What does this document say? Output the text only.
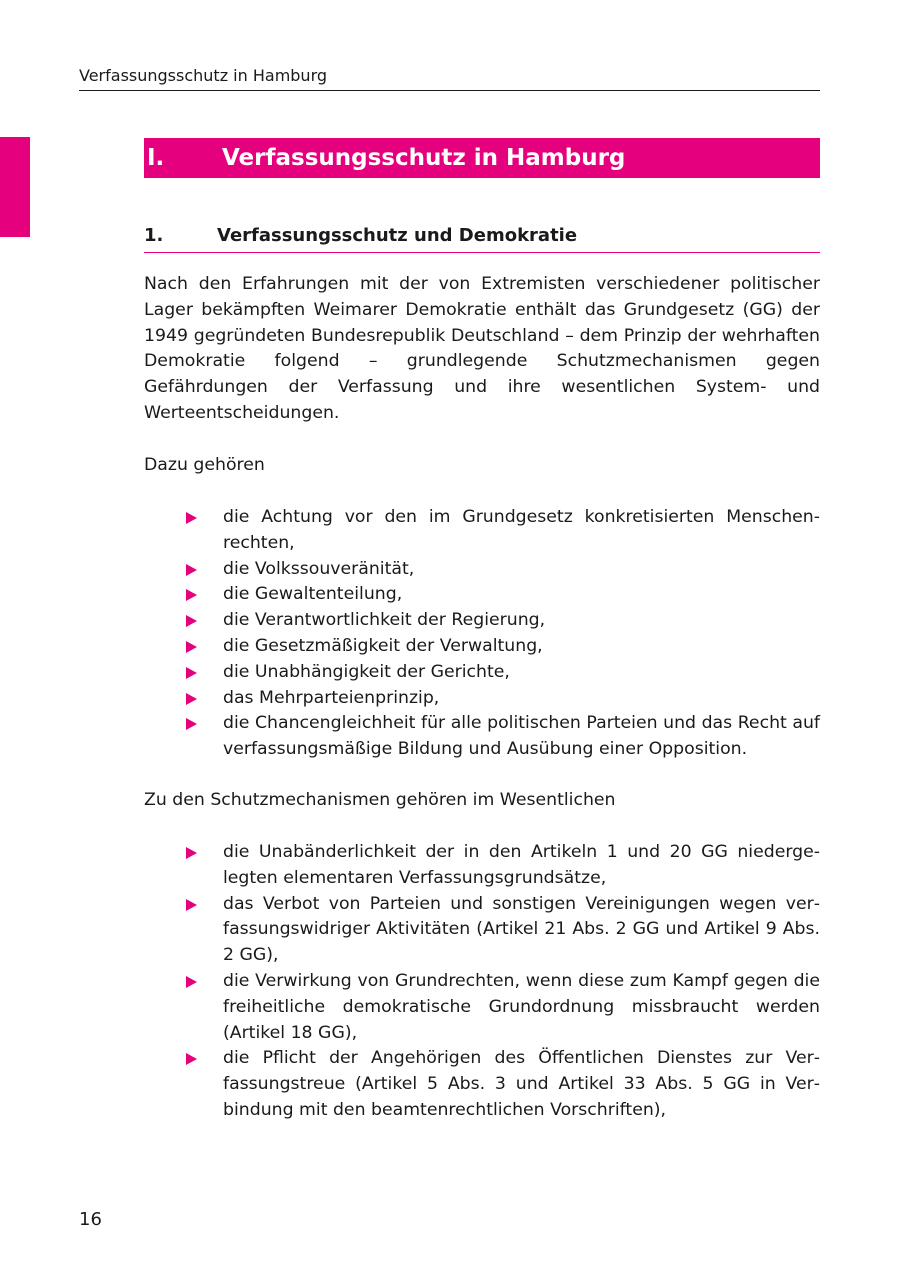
Verfassungsschutz in Hamburg
I.	Verfassungsschutz in Hamburg
1.	Verfassungsschutz und Demokratie

Nach den Erfahrungen mit der von Extremisten verschiedener politischer Lager bekämpften Weimarer Demokratie enthält das Grundgesetz (GG) der 1949 gegründeten Bundesrepublik Deutschland – dem Prinzip der wehrhaften Demokratie folgend – grundlegende Schutzmechanismen gegen Gefährdungen der Verfassung und ihre wesentlichen System- und Werteentscheidungen.

Dazu gehören

die Achtung vor den im Grundgesetz konkretisierten Menschenrechten,
die Volkssouveränität,
die Gewaltenteilung,
die Verantwortlichkeit der Regierung,
die Gesetzmäßigkeit der Verwaltung,
die Unabhängigkeit der Gerichte,
das Mehrparteienprinzip,
die Chancengleichheit für alle politischen Parteien und das Recht auf verfassungsmäßige Bildung und Ausübung einer Opposition.

Zu den Schutzmechanismen gehören im Wesentlichen

die Unabänderlichkeit der in den Artikeln 1 und 20 GG niedergelegten elementaren Verfassungsgrundsätze,
das Verbot von Parteien und sonstigen Vereinigungen wegen verfassungswidriger Aktivitäten (Artikel 21 Abs. 2 GG und Artikel 9 Abs. 2 GG),
die Verwirkung von Grundrechten, wenn diese zum Kampf gegen die freiheitliche demokratische Grundordnung missbraucht werden (Artikel 18 GG),
die Pflicht der Angehörigen des Öffentlichen Dienstes zur Verfassungstreue (Artikel 5 Abs. 3 und Artikel 33 Abs. 5 GG in Verbindung mit den beamtenrechtlichen Vorschriften),
16
